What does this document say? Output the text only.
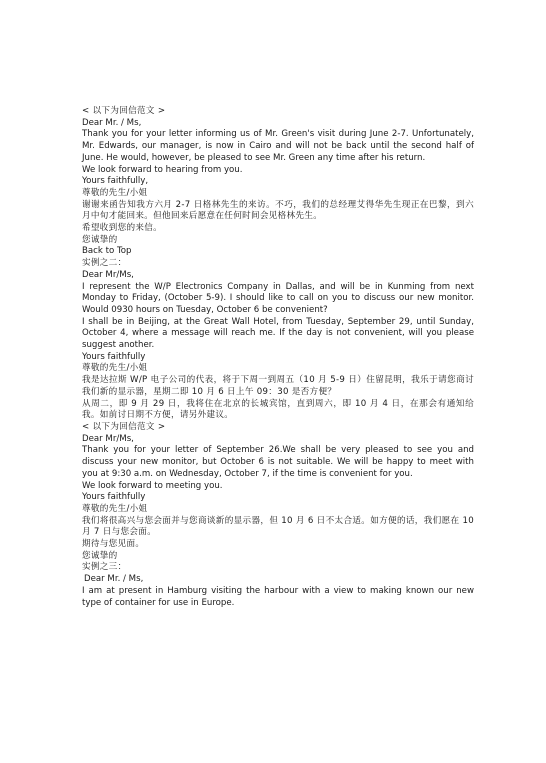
< 以下为回信范文 >
Dear Mr. / Ms,
Thank you for your letter informing us of Mr. Green's visit during June 2-7. Unfortunately, Mr. Edwards, our manager, is now in Cairo and will not be back until the second half of June. He would, however, be pleased to see Mr. Green any time after his return.
We look forward to hearing from you.
Yours faithfully,
尊敬的先生/小姐
谢谢来函告知我方六月 2-7 日格林先生的来访。不巧，我们的总经理艾得华先生现正在巴黎，到六月中旬才能回来。但他回来后愿意在任何时间会见格林先生。
希望收到您的来信。
您诚挚的
Back to Top
实例之二：
Dear Mr/Ms,
I represent the W/P Electronics Company in Dallas, and will be in Kunming from next Monday to Friday, (October 5-9). I should like to call on you to discuss our new monitor. Would 0930 hours on Tuesday, October 6 be convenient?
I shall be in Beijing, at the Great Wall Hotel, from Tuesday, September 29, until Sunday, October 4, where a message will reach me. If the day is not convenient, will you please suggest another.
Yours faithfully
尊敬的先生/小姐
我是达拉斯 W/P 电子公司的代表，将于下周一到周五（10 月 5-9 日）住留昆明，我乐于请您商讨我们新的显示器，星期二即 10 月 6 日上午 09：30 是否方便？
从周二，即 9 月 29 日，我将住在北京的长城宾馆，直到周六，即 10 月 4 日，在那会有通知给我。如前讨日期不方便，请另外建议。
< 以下为回信范文 >
Dear Mr/Ms,
Thank you for your letter of September 26.We shall be very pleased to see you and discuss your new monitor, but October 6 is not suitable. We will be happy to meet with you at 9:30 a.m. on Wednesday, October 7, if the time is convenient for you.
We look forward to meeting you.
Yours faithfully
尊敬的先生/小姐
我们将很高兴与您会面并与您商谈新的显示器，但 10 月 6 日不太合适。如方便的话，我们愿在 10 月 7 日与您会面。
期待与您见面。
您诚挚的
实例之三：
Dear Mr. / Ms,
I am at present in Hamburg visiting the harbour with a view to making known our new type of container for use in Europe.
